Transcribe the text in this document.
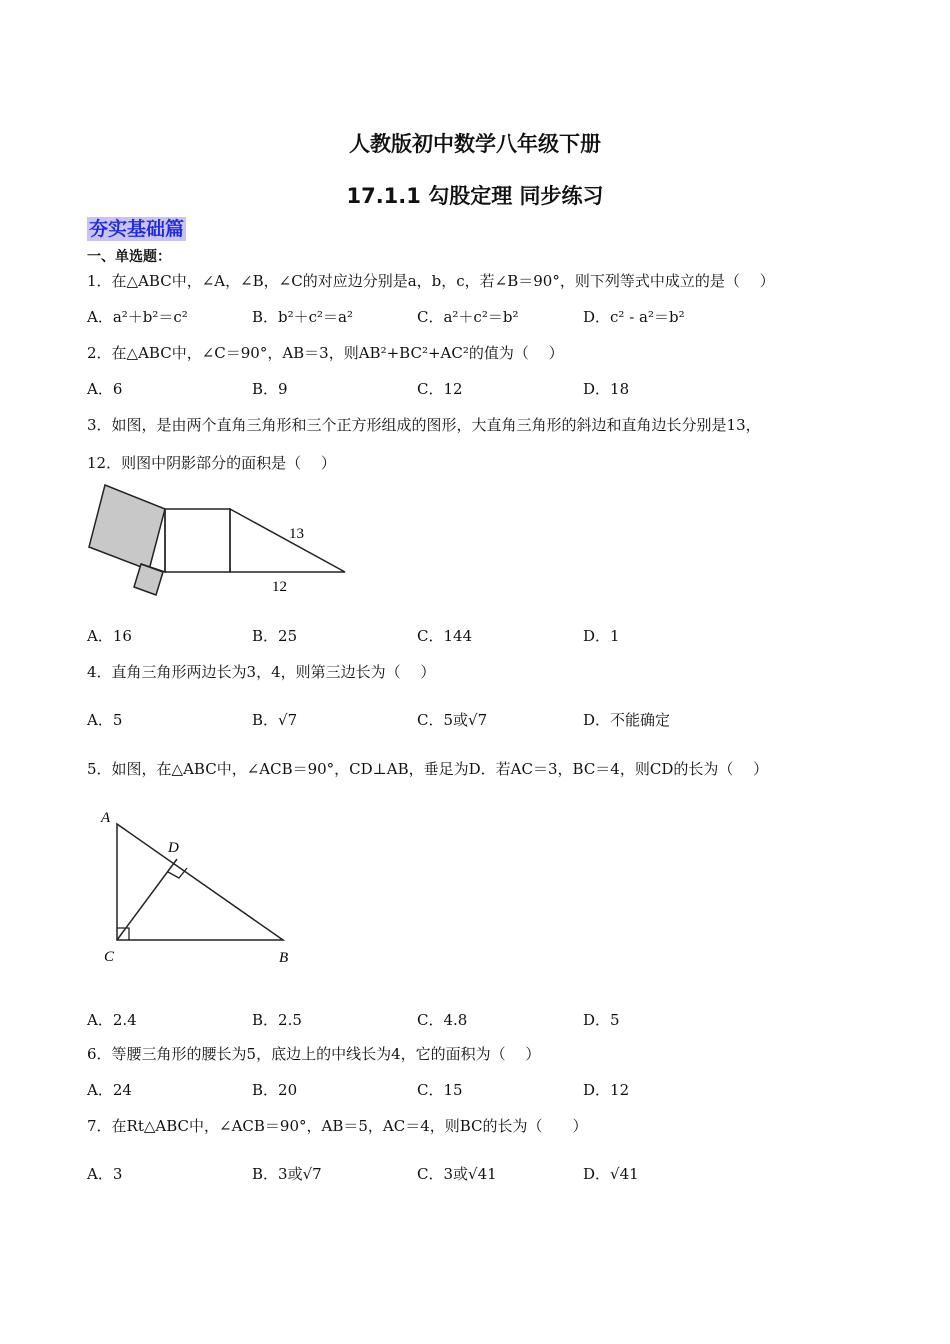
人教版初中数学八年级下册
17.1.1 勾股定理 同步练习
夯实基础篇
一、单选题：
1．在△ABC中，∠A，∠B，∠C的对应边分别是a，b，c，若∠B＝90°，则下列等式中成立的是（　 ）
A．a²＋b²＝c²	B．b²＋c²＝a²	C．a²＋c²＝b²	D．c² - a²＝b²
2．在△ABC中，∠C＝90°，AB＝3，则AB²+BC²+AC²的值为（　 ）
A．6	B．9	C．12	D．18
3．如图，是由两个直角三角形和三个正方形组成的图形，大直角三角形的斜边和直角边长分别是13，
12．则图中阴影部分的面积是（　 ）
13
12
A．16	B．25	C．144	D．1
4．直角三角形两边长为3，4，则第三边长为（　 ）
A．5	B．√7	C．5或√7	D．不能确定
5．如图，在△ABC中，∠ACB＝90°，CD⊥AB，垂足为D．若AC＝3，BC＝4，则CD的长为（　 ）
A
D
C	B
A．2.4	B．2.5	C．4.8	D．5
6．等腰三角形的腰长为5，底边上的中线长为4，它的面积为（　 ）
A．24	B．20	C．15	D．12
7．在Rt△ABC中，∠ACB＝90°，AB＝5，AC＝4，则BC的长为（　　）
A．3	B．3或√7	C．3或√41	D．√41
